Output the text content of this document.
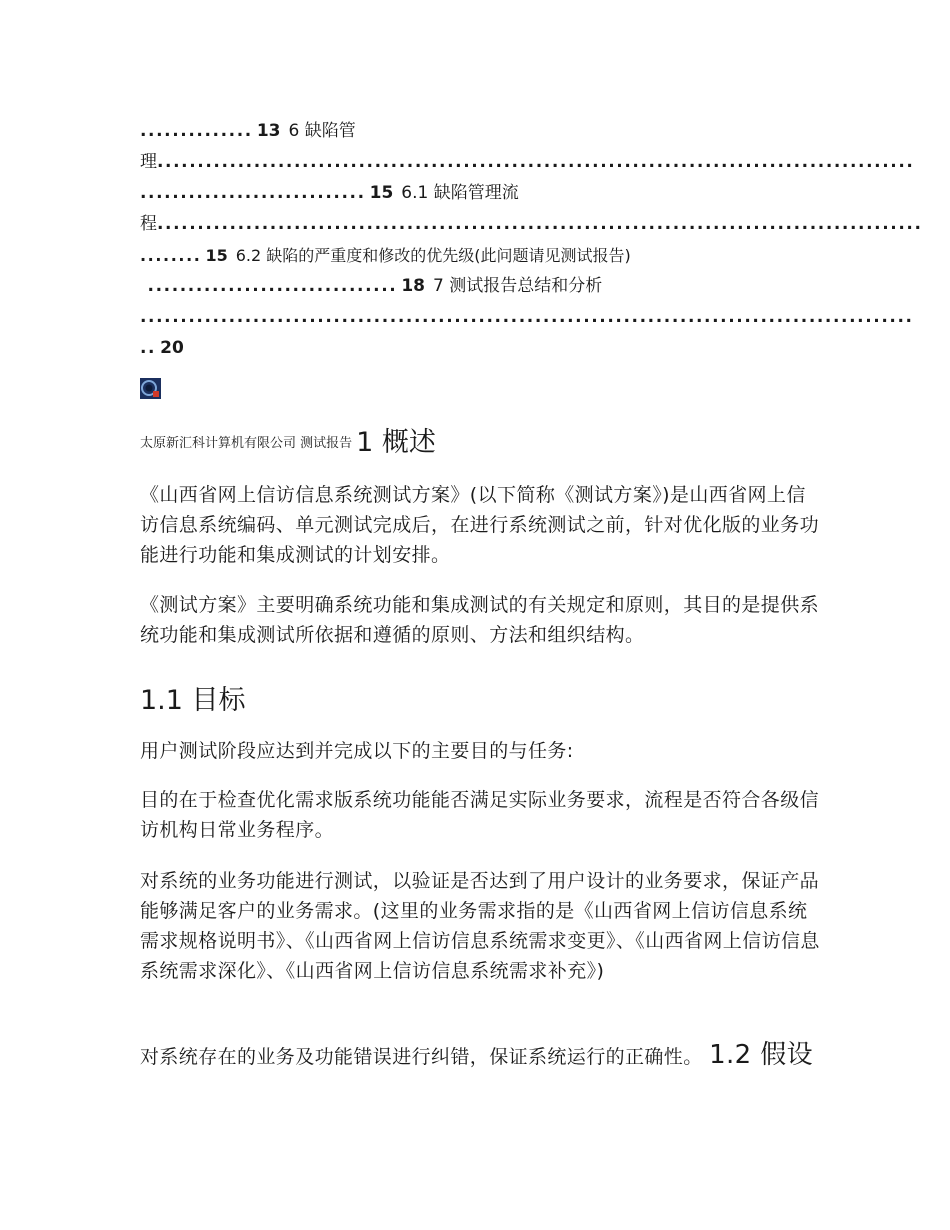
.............. 13 6 缺陷管
理..............................................................................................
............................ 15 6.1 缺陷管理流
程...............................................................................................
........ 15 6.2 缺陷的严重度和修改的优先级(此问题请见测试报告)
............................... 18 7 测试报告总结和分析
................................................................................................
.. 20
太原新汇科计算机有限公司 测试报告 1 概述
《山西省网上信访信息系统测试方案》(以下简称《测试方案》)是山西省网上信访信息系统编码、单元测试完成后，在进行系统测试之前，针对优化版的业务功能进行功能和集成测试的计划安排。
《测试方案》主要明确系统功能和集成测试的有关规定和原则，其目的是提供系统功能和集成测试所依据和遵循的原则、方法和组织结构。
1.1 目标
用户测试阶段应达到并完成以下的主要目的与任务:
目的在于检查优化需求版系统功能能否满足实际业务要求，流程是否符合各级信访机构日常业务程序。
对系统的业务功能进行测试，以验证是否达到了用户设计的业务要求，保证产品能够满足客户的业务需求。(这里的业务需求指的是《山西省网上信访信息系统需求规格说明书》、《山西省网上信访信息系统需求变更》、《山西省网上信访信息系统需求深化》、《山西省网上信访信息系统需求补充》)
对系统存在的业务及功能错误进行纠错，保证系统运行的正确性。 1.2 假设
